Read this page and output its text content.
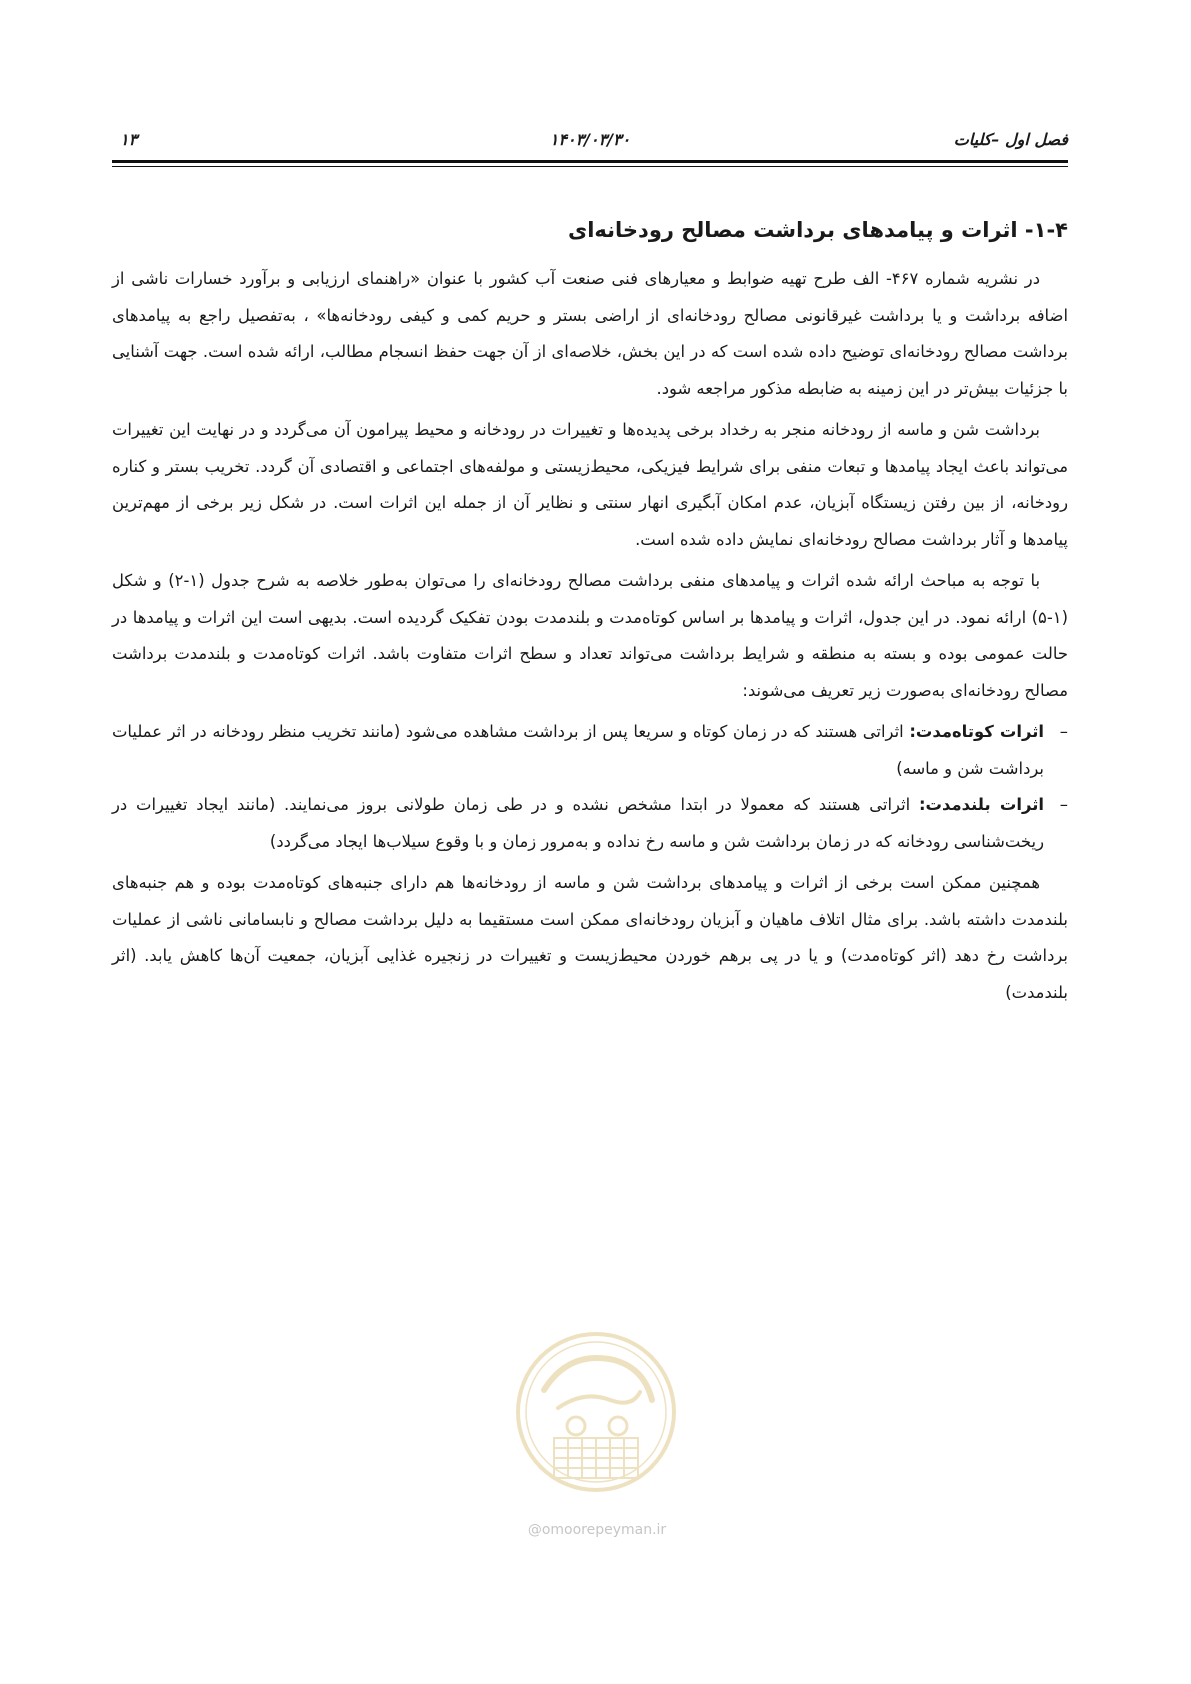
فصل اول –کلیات
۱۴۰۳/۰۳/۳۰
۱۳
۱-۴- اثرات و پیامدهای برداشت مصالح رودخانه‌ای

در نشریه شماره ۴۶۷- الف طرح تهیه ضوابط و معیارهای فنی صنعت آب کشور با عنوان «راهنمای ارزیابی و برآورد خسارات ناشی از اضافه برداشت و یا برداشت غیرقانونی مصالح رودخانه‌ای از اراضی بستر و حریم کمی و کیفی رودخانه‌ها» ، به‌تفصیل راجع به پیامدهای برداشت مصالح رودخانه‌ای توضیح داده شده است که در این بخش، خلاصه‌ای از آن جهت حفظ انسجام مطالب، ارائه شده است. جهت آشنایی با جزئیات بیش‌تر در این زمینه به ضابطه مذکور مراجعه شود.

برداشت شن و ماسه از رودخانه منجر به رخداد برخی پدیده‌ها و تغییرات در رودخانه و محیط پیرامون آن می‌گردد و در نهایت این تغییرات می‌تواند باعث ایجاد پیامدها و تبعات منفی برای شرایط فیزیکی، محیط‌زیستی و مولفه‌های اجتماعی و اقتصادی آن گردد. تخریب بستر و کناره رودخانه، از بین رفتن زیستگاه آبزیان، عدم امکان آبگیری انهار سنتی و نظایر آن از جمله این اثرات است. در شکل زیر برخی از مهم‌ترین پیامدها و آثار برداشت مصالح رودخانه‌ای نمایش داده شده است.

با توجه به مباحث ارائه شده اثرات و پیامدهای منفی برداشت مصالح رودخانه‌ای را می‌توان به‌طور خلاصه به شرح جدول (۱-۲) و شکل (۱-۵) ارائه نمود. در این جدول، اثرات و پیامدها بر اساس کوتاه‌مدت و بلندمدت بودن تفکیک گردیده است. بدیهی است این اثرات و پیامدها در حالت عمومی بوده و بسته به منطقه و شرایط برداشت می‌تواند تعداد و سطح اثرات متفاوت باشد. اثرات کوتاه‌مدت و بلندمدت برداشت مصالح رودخانه‌ای به‌صورت زیر تعریف می‌شوند:

–
اثرات کوتاه‌مدت: اثراتی هستند که در زمان کوتاه و سریعا پس از برداشت مشاهده می‌شود (مانند تخریب منظر رودخانه در اثر عملیات برداشت شن و ماسه)
–
اثرات بلندمدت: اثراتی هستند که معمولا در ابتدا مشخص نشده و در طی زمان طولانی بروز می‌نمایند. (مانند ایجاد تغییرات در ریخت‌شناسی رودخانه که در زمان برداشت شن و ماسه رخ نداده و به‌مرور زمان و با وقوع سیلاب‌ها ایجاد می‌گردد)

همچنین ممکن است برخی از اثرات و پیامدهای برداشت شن و ماسه از رودخانه‌ها هم دارای جنبه‌های کوتاه‌مدت بوده و هم جنبه‌های بلندمدت داشته باشد. برای مثال اتلاف ماهیان و آبزیان رودخانه‌ای ممکن است مستقیما به دلیل برداشت مصالح و نابسامانی ناشی از عملیات برداشت رخ دهد (اثر کوتاه‌مدت) و یا در پی برهم خوردن محیط‌زیست و تغییرات در زنجیره غذایی آبزیان، جمعیت آن‌ها کاهش یابد. (اثر بلندمدت)

@omoorepeyman.ir
